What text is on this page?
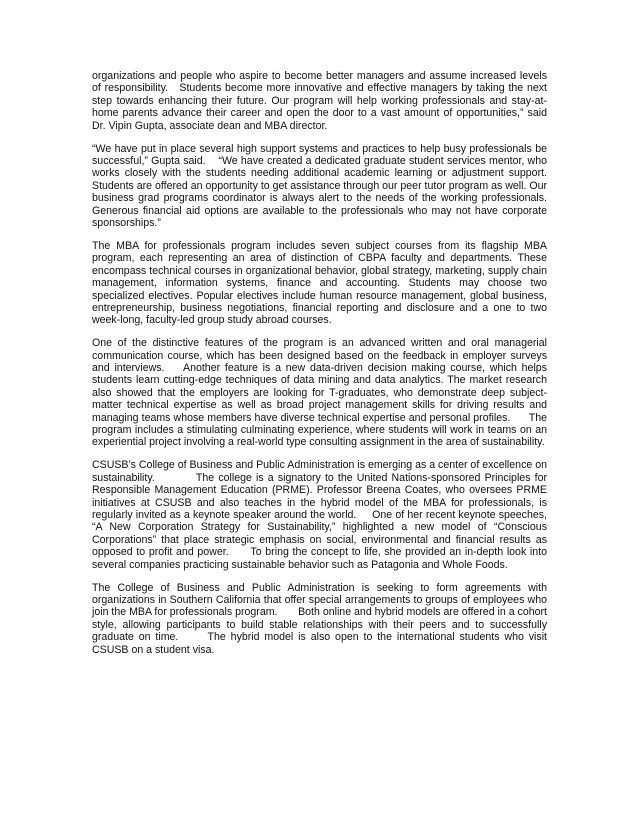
organizations and people who aspire to become better managers and assume increased levels of responsibility.   Students become more innovative and effective managers by taking the next step towards enhancing their future. Our program will help working professionals and stay-at-home parents advance their career and open the door to a vast amount of opportunities,” said Dr. Vipin Gupta, associate dean and MBA director.

“We have put in place several high support systems and practices to help busy professionals be successful,” Gupta said.    “We have created a dedicated graduate student services mentor, who works closely with the students needing additional academic learning or adjustment support.     Students are offered an opportunity to get assistance through our peer tutor program as well. Our business grad programs coordinator is always alert to the needs of the working professionals.     Generous financial aid options are available to the professionals who may not have corporate sponsorships.”

The MBA for professionals program includes seven subject courses from its flagship MBA program, each representing an area of distinction of CBPA faculty and departments. These encompass technical courses in organizational behavior, global strategy, marketing, supply chain management, information systems, finance and accounting. Students may choose two specialized electives. Popular electives include human resource management, global business, entrepreneurship, business negotiations, financial reporting and disclosure and a one to two week-long, faculty-led group study abroad courses.

One of the distinctive features of the program is an advanced written and oral managerial communication course, which has been designed based on the feedback in employer surveys and interviews.    Another feature is a new data-driven decision making course, which helps students learn cutting-edge techniques of data mining and data analytics. The market research also showed that the employers are looking for T-graduates, who demonstrate deep subject-matter technical expertise as well as broad project management skills for driving results and managing teams whose members have diverse technical expertise and personal profiles.      The program includes a stimulating culminating experience, where students will work in teams on an experiential project involving a real-world type consulting assignment in the area of sustainability.

CSUSB’s College of Business and Public Administration is emerging as a center of excellence on sustainability.          The college is a signatory to the United Nations-sponsored Principles for Responsible Management Education (PRME). Professor Breena Coates, who oversees PRME initiatives at CSUSB and also teaches in the hybrid model of the MBA for professionals, is regularly invited as a keynote speaker around the world.     One of her recent keynote speeches, “A New Corporation Strategy for Sustainability,” highlighted a new model of “Conscious Corporations” that place strategic emphasis on social, environmental and financial results as opposed to profit and power.      To bring the concept to life, she provided an in-depth look into several companies practicing sustainable behavior such as Patagonia and Whole Foods.

The College of Business and Public Administration is seeking to form agreements with organizations in Southern California that offer special arrangements to groups of employees who join the MBA for professionals program.       Both online and hybrid models are offered in a cohort style, allowing participants to build stable relationships with their peers and to successfully graduate on time.      The hybrid model is also open to the international students who visit CSUSB on a student visa.
